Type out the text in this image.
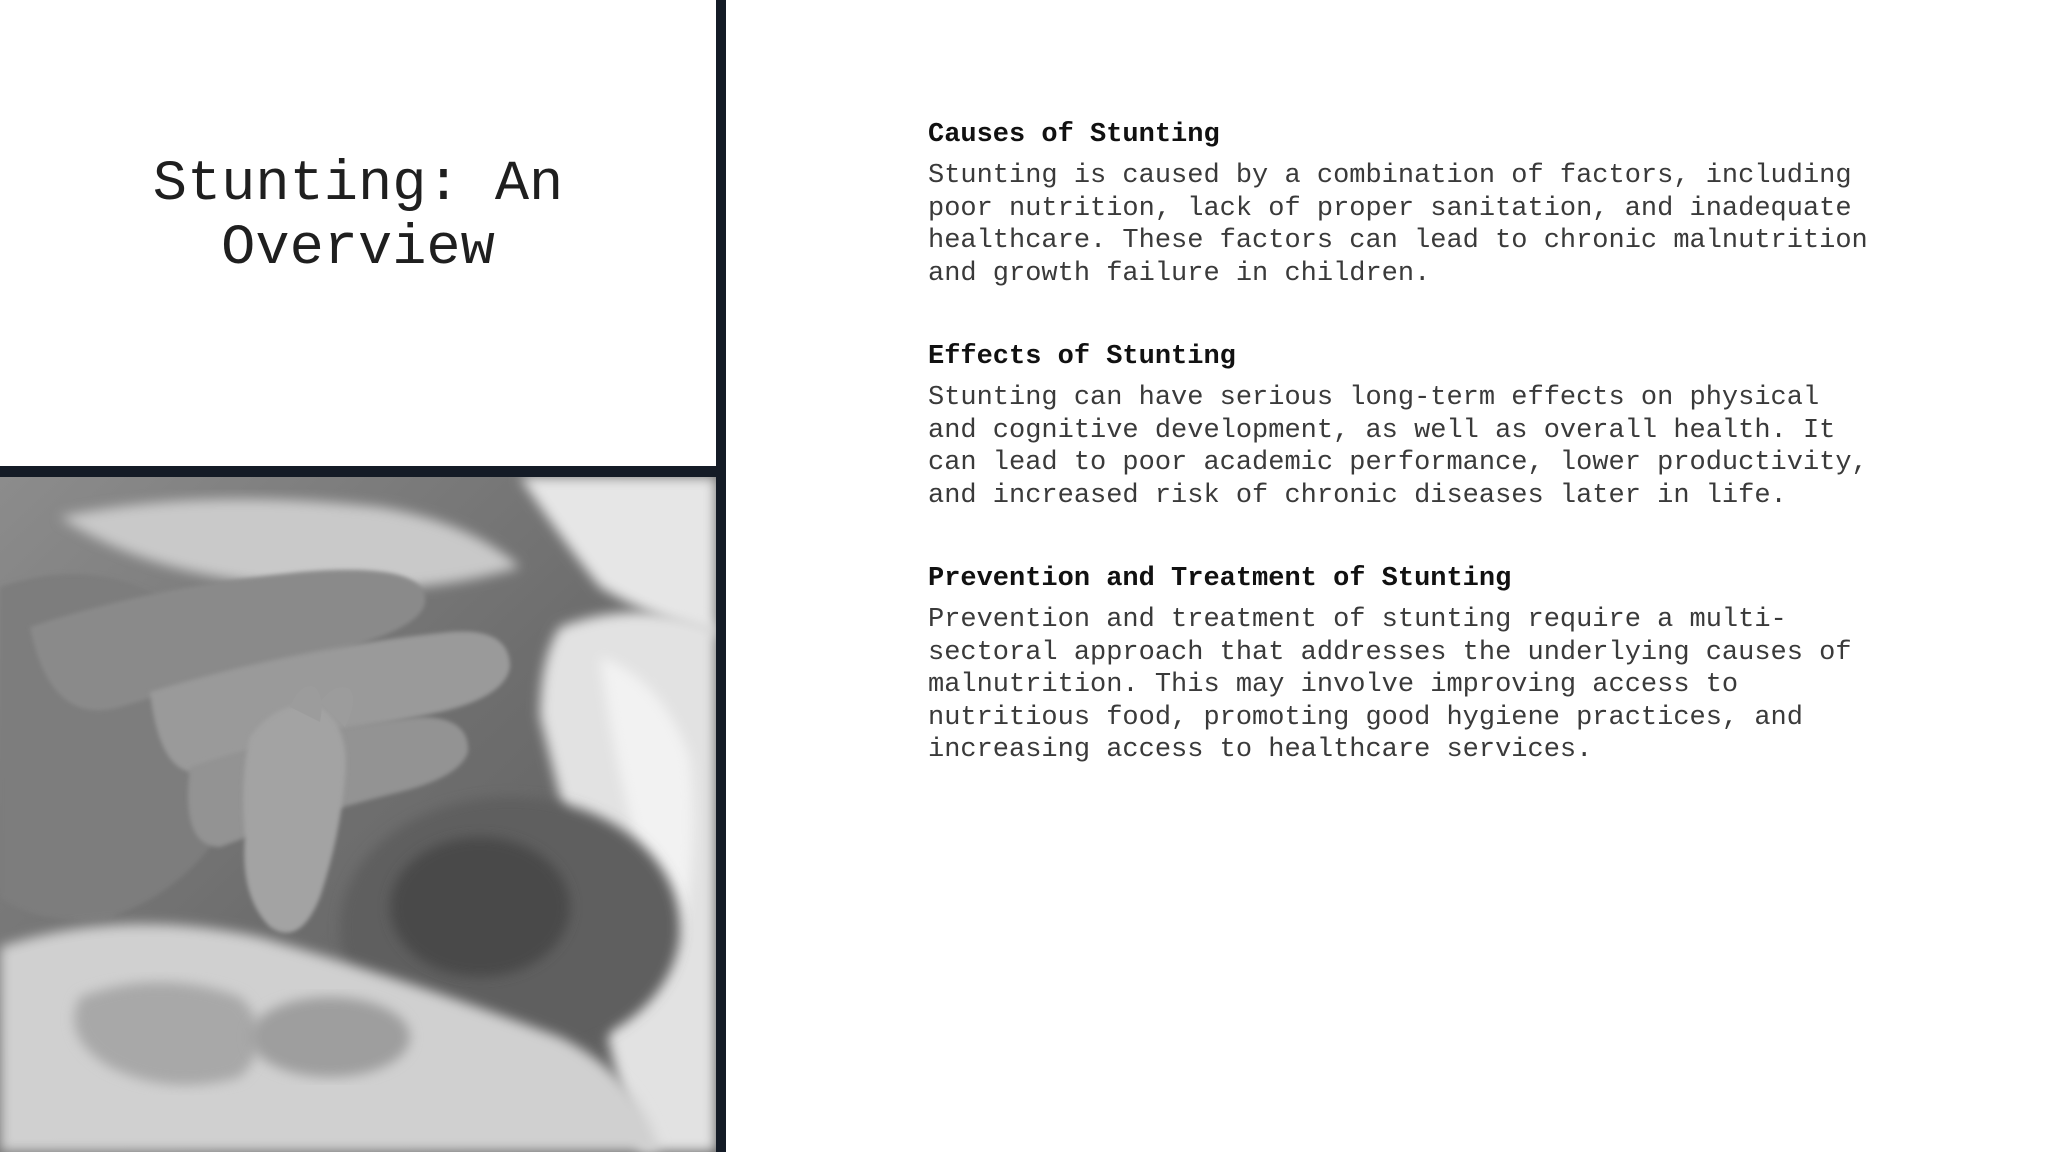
Stunting: An Overview
Causes of Stunting

Stunting is caused by a combination of factors, including poor nutrition, lack of proper sanitation, and inadequate healthcare. These factors can lead to chronic malnutrition and growth failure in children.

Effects of Stunting

Stunting can have serious long-term effects on physical and cognitive development, as well as overall health. It can lead to poor academic performance, lower productivity, and increased risk of chronic diseases later in life.

Prevention and Treatment of Stunting

Prevention and treatment of stunting require a multi-sectoral approach that addresses the underlying causes of malnutrition. This may involve improving access to nutritious food, promoting good hygiene practices, and increasing access to healthcare services.
